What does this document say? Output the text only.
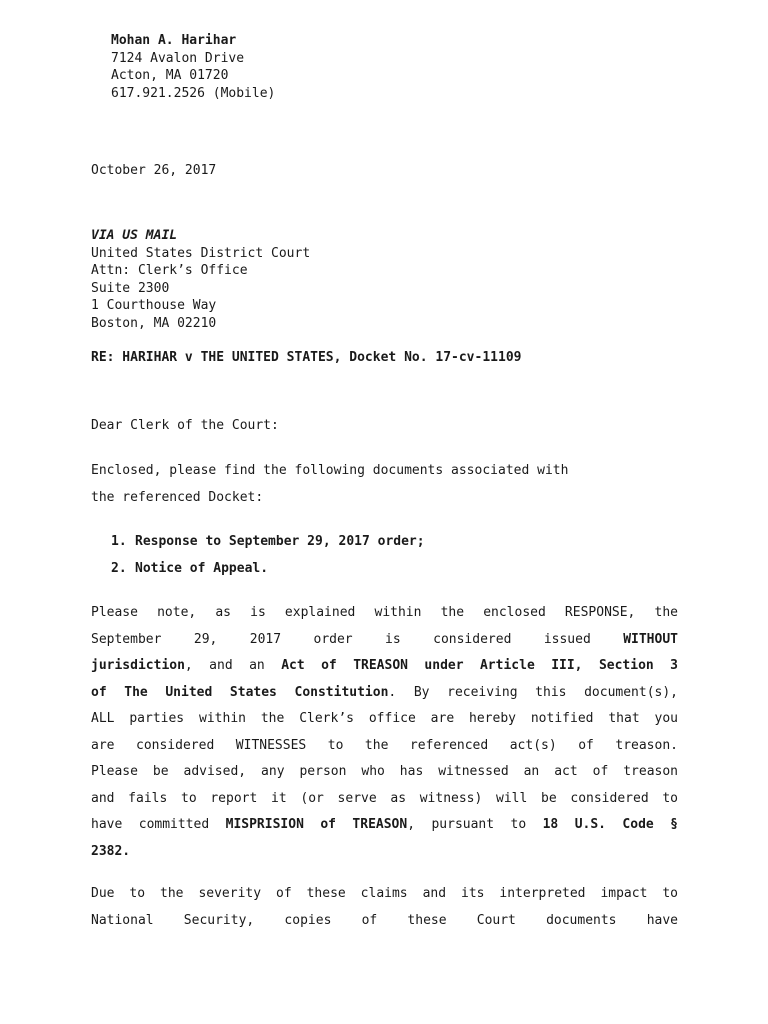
Mohan A. Harihar
7124 Avalon Drive
Acton, MA 01720
617.921.2526 (Mobile)
October 26, 2017
VIA US MAIL
United States District Court
Attn: Clerk’s Office
Suite 2300
1 Courthouse Way
Boston, MA 02210
RE: HARIHAR v THE UNITED STATES, Docket No. 17-cv-11109
Dear Clerk of the Court:
Enclosed, please find the following documents associated with
the referenced Docket:
1. Response to September 29, 2017 order;
2. Notice of Appeal.
Please note, as is explained within the enclosed RESPONSE, the
September 29, 2017 order is considered issued WITHOUT
jurisdiction, and an Act of TREASON under Article III, Section 3
of The United States Constitution. By receiving this document(s),
ALL parties within the Clerk’s office are hereby notified that you
are considered WITNESSES to the referenced act(s) of treason.
Please be advised, any person who has witnessed an act of treason
and fails to report it (or serve as witness) will be considered to
have committed MISPRISION of TREASON, pursuant to 18 U.S. Code §
2382.
Due to the severity of these claims and its interpreted impact to
National Security, copies of these Court documents have
